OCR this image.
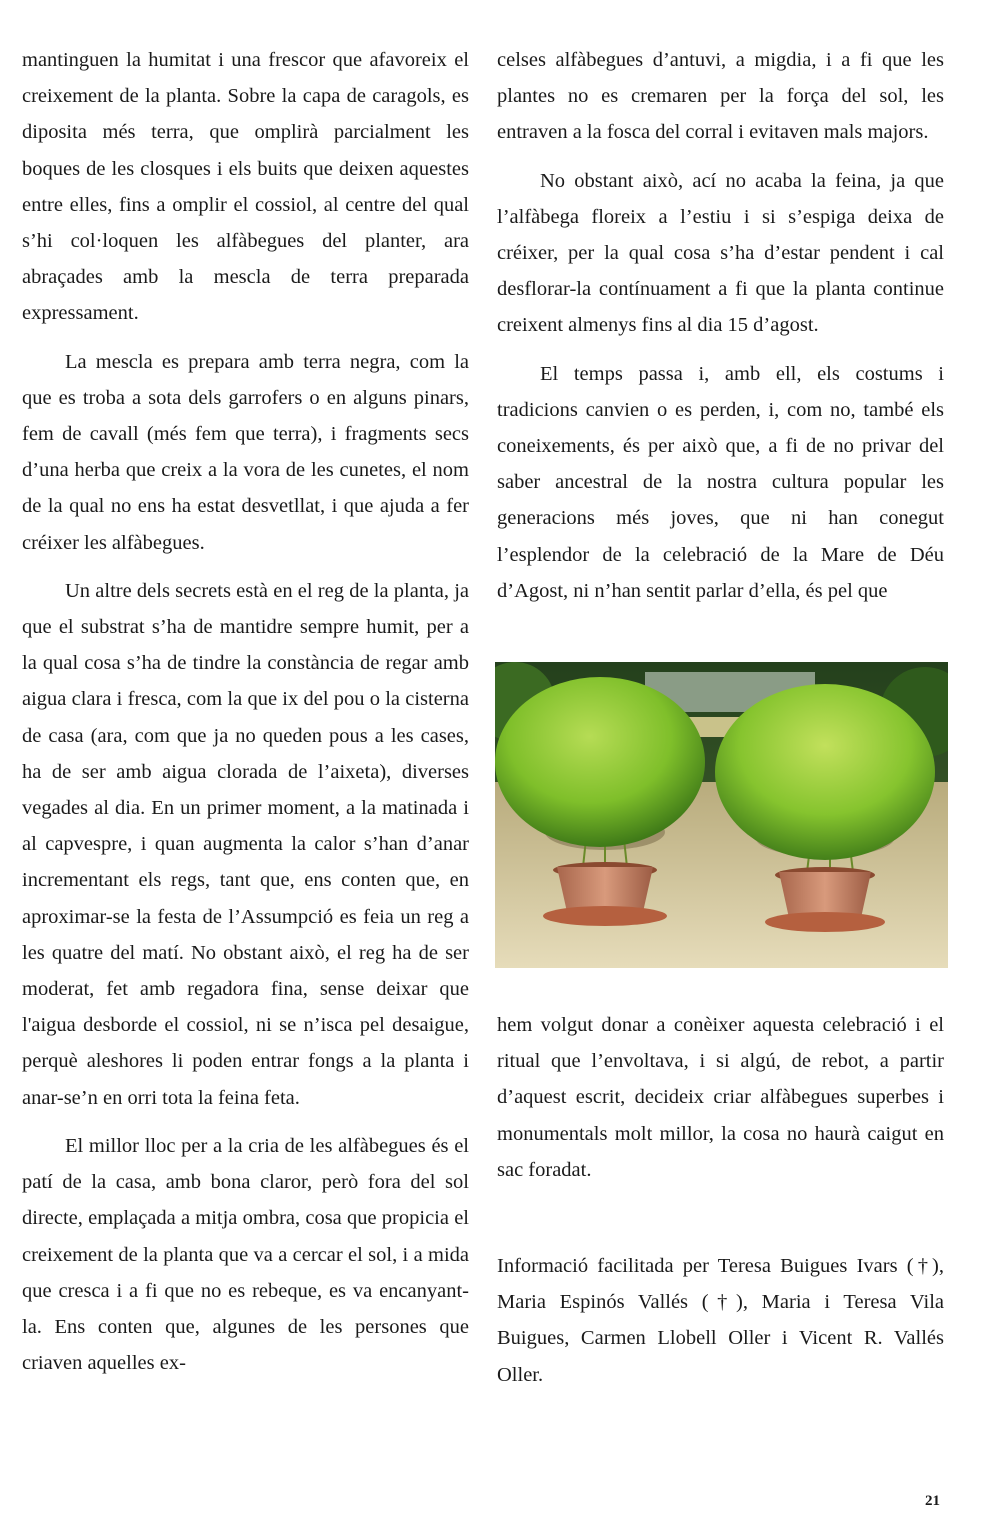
mantinguen la humitat i una frescor que afavoreix el creixement de la planta. Sobre la capa de caragols, es diposita més terra, que omplirà parcialment les boques de les closques i els buits que deixen aquestes entre elles, fins a omplir el cossiol, al centre del qual s’hi col·loquen les alfàbegues del planter, ara abraçades amb la mescla de terra preparada expressament.

La mescla es prepara amb terra negra, com la que es troba a sota dels garrofers o en alguns pinars, fem de cavall (més fem que terra), i fragments secs d’una herba que creix a la vora de les cunetes, el nom de la qual no ens ha estat desvetllat, i que ajuda a fer créixer les alfàbegues.

Un altre dels secrets està en el reg de la planta, ja que el substrat s’ha de mantidre sempre humit, per a la qual cosa s’ha de tindre la constància de regar amb aigua clara i fresca, com la que ix del pou o la cisterna de casa (ara, com que ja no queden pous a les cases, ha de ser amb aigua clorada de l’aixeta), diverses vegades al dia. En un primer moment, a la matinada i al capvespre, i quan augmenta la calor s’han d’anar incrementant els regs, tant que, ens conten que, en aproximar-se la festa de l’Assumpció es feia un reg a les quatre del matí. No obstant això, el reg ha de ser moderat, fet amb regadora fina, sense deixar que l'aigua desborde el cossiol, ni se n’isca pel desaigue, perquè aleshores li poden entrar fongs a la planta i anar-se’n en orri tota la feina feta.

El millor lloc per a la cria de les alfàbegues és el patí de la casa, amb bona claror, però fora del sol directe, emplaçada a mitja ombra, cosa que propicia el creixement de la planta que va a cercar el sol, i a mida que cresca i a fi que no es rebeque, es va encanyant-la. Ens conten que, algunes de les persones que criaven aquelles ex-

celses alfàbegues d’antuvi, a migdia, i a fi que les plantes no es cremaren per la força del sol, les entraven a la fosca del corral i evitaven mals majors.

No obstant això, ací no acaba la feina, ja que l’alfàbega floreix a l’estiu i si s’espiga deixa de créixer, per la qual cosa s’ha d’estar pendent i cal desflorar-la contínuament a fi que la planta continue creixent almenys fins al dia 15 d’agost.

El temps passa i, amb ell, els costums i tradicions canvien o es perden, i, com no, també els coneixements, és per això que, a fi de no privar del saber ancestral de la nostra cultura popular les generacions més joves, que ni han conegut l’esplendor de la celebració de la Mare de Déu d’Agost, ni n’han sentit parlar d’ella, és pel que

hem volgut donar a conèixer aquesta celebració i el ritual que l’envoltava, i si algú, de rebot, a partir d’aquest escrit, decideix criar alfàbegues superbes i monumentals molt millor, la cosa no haurà caigut en sac foradat.

Informació facilitada per Teresa Buigues Ivars (†), Maria Espinós Vallés (†), Maria i Teresa Vila Buigues, Carmen Llobell Oller i Vicent R. Vallés Oller.

21
